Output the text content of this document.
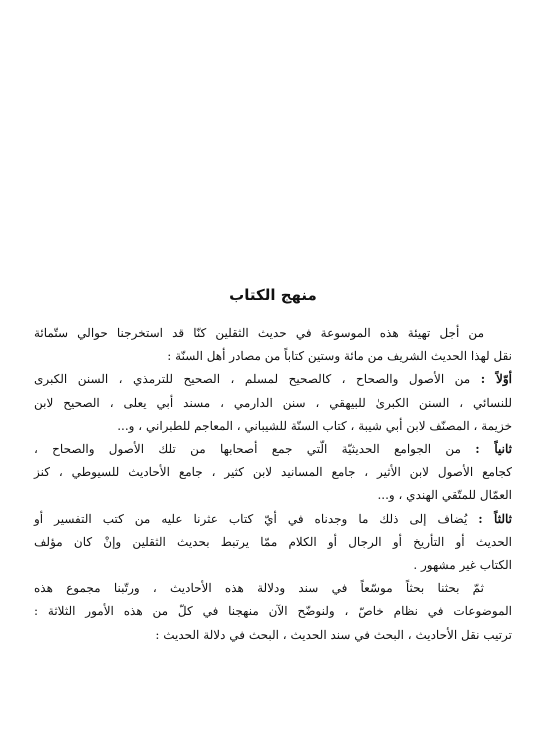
منهج الكتاب
من أجل تهيئة هذه الموسوعة في حديث الثقلين كنّا قد استخرجنا حوالي ستّمائة
نقل لهذا الحديث الشريف من مائة وستين كتاباً من مصادر أهل السنّة :
أوّلاً : من الأصول والصحاح ، كالصحيح لمسلم ، الصحيح للترمذي ، السنن الكبرى
للنسائي ، السنن الكبرىٰ للبيهقي ، سنن الدارمي ، مسند أبي يعلى ، الصحيح لابن
خزيمة ، المصنّف لابن أبي شيبة ، كتاب السنّة للشيباني ، المعاجم للطبراني ، و...
ثانياً : من الجوامع الحديثيّة الّتي جمع أصحابها من تلك الأصول والصحاح ،
كجامع الأصول لابن الأثير ، جامع المسانيد لابن كثير ، جامع الأحاديث للسيوطي ، كنز
العمّال للمتّقي الهندي ، و...
ثالثاً : يُضاف إلى ذلك ما وجدناه في أيّ كتاب عثرنا عليه من كتب التفسير أو
الحديث أو التأريخ أو الرجال أو الكلام ممّا يرتبط بحديث الثقلين وإنْ كان مؤلف
الكتاب غير مشهور .
ثمّ بحثنا بحثاً موسّعاً في سند ودلالة هذه الأحاديث ، ورتّبنا مجموع هذه
الموضوعات في نظام خاصّ ، ولنوضّح الآن منهجنا في كلّ من هذه الأمور الثلاثة :
ترتيب نقل الأحاديث ، البحث في سند الحديث ، البحث في دلالة الحديث :
